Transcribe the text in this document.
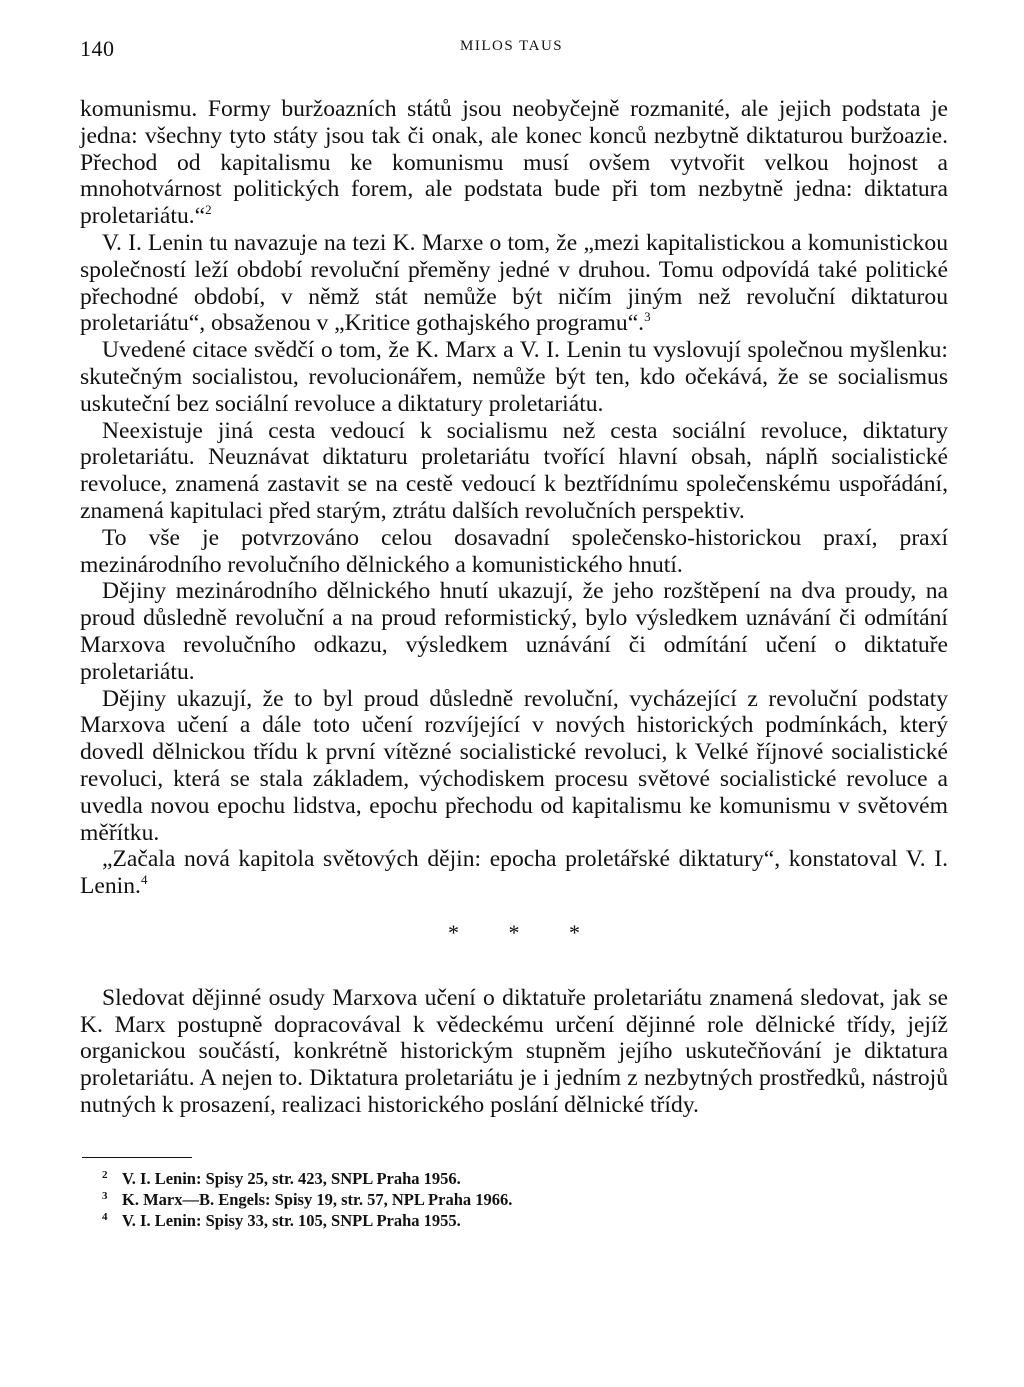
140	MILOS TAUS

komunismu. Formy buržoazních států jsou neobyčejně rozmanité, ale jejich podstata je jedna: všechny tyto státy jsou tak či onak, ale konec konců nezbytně diktaturou buržoazie. Přechod od kapitalismu ke komunismu musí ovšem vytvořit velkou hojnost a mnohotvárnost politických forem, ale podstata bude při tom nezbytně jedna: diktatura proletariátu.“$^2$

V. I. Lenin tu navazuje na tezi K. Marxe o tom, že „mezi kapitalistickou a komunistickou společností leží období revoluční přeměny jedné v druhou. Tomu odpovídá také politické přechodné období, v němž stát nemůže být ničím jiným než revoluční diktaturou proletariátu“, obsaženou v „Kritice gothajského programu“.$^3$

Uvedené citace svědčí o tom, že K. Marx a V. I. Lenin tu vyslovují společnou myšlenku: skutečným socialistou, revolucionářem, nemůže být ten, kdo očekává, že se socialismus uskuteční bez sociální revoluce a diktatury proletariátu.

Neexistuje jiná cesta vedoucí k socialismu než cesta sociální revoluce, diktatury proletariátu. Neuznávat diktaturu proletariátu tvořící hlavní obsah, náplň socialistické revoluce, znamená zastavit se na cestě vedoucí k beztřídnímu společenskému uspořádání, znamená kapitulaci před starým, ztrátu dalších revolučních perspektiv.

To vše je potvrzováno celou dosavadní společensko-historickou praxí, praxí mezinárodního revolučního dělnického a komunistického hnutí.

Dějiny mezinárodního dělnického hnutí ukazují, že jeho rozštěpení na dva proudy, na proud důsledně revoluční a na proud reformistický, bylo výsledkem uznávání či odmítání Marxova revolučního odkazu, výsledkem uznávání či odmítání učení o diktatuře proletariátu.

Dějiny ukazují, že to byl proud důsledně revoluční, vycházející z revoluční podstaty Marxova učení a dále toto učení rozvíjející v nových historických podmínkách, který dovedl dělnickou třídu k první vítězné socialistické revoluci, k Velké říjnové socialistické revoluci, která se stala základem, východiskem procesu světové socialistické revoluce a uvedla novou epochu lidstva, epochu přechodu od kapitalismu ke komunismu v světovém měřítku.

„Začala nová kapitola světových dějin: epocha proletářské diktatury“, konstatoval V. I. Lenin.$^4$

* * *

Sledovat dějinné osudy Marxova učení o diktatuře proletariátu znamená sledovat, jak se K. Marx postupně dopracovával k vědeckému určení dějinné role dělnické třídy, jejíž organickou součástí, konkrétně historickým stupněm jejího uskutečňování je diktatura proletariátu. A nejen to. Diktatura proletariátu je i jedním z nezbytných prostředků, nástrojů nutných k prosazení, realizaci historického poslání dělnické třídy.

2 V. I. Lenin: Spisy 25, str. 423, SNPL Praha 1956.

3 K. Marx—B. Engels: Spisy 19, str. 57, NPL Praha 1966.

4 V. I. Lenin: Spisy 33, str. 105, SNPL Praha 1955.
